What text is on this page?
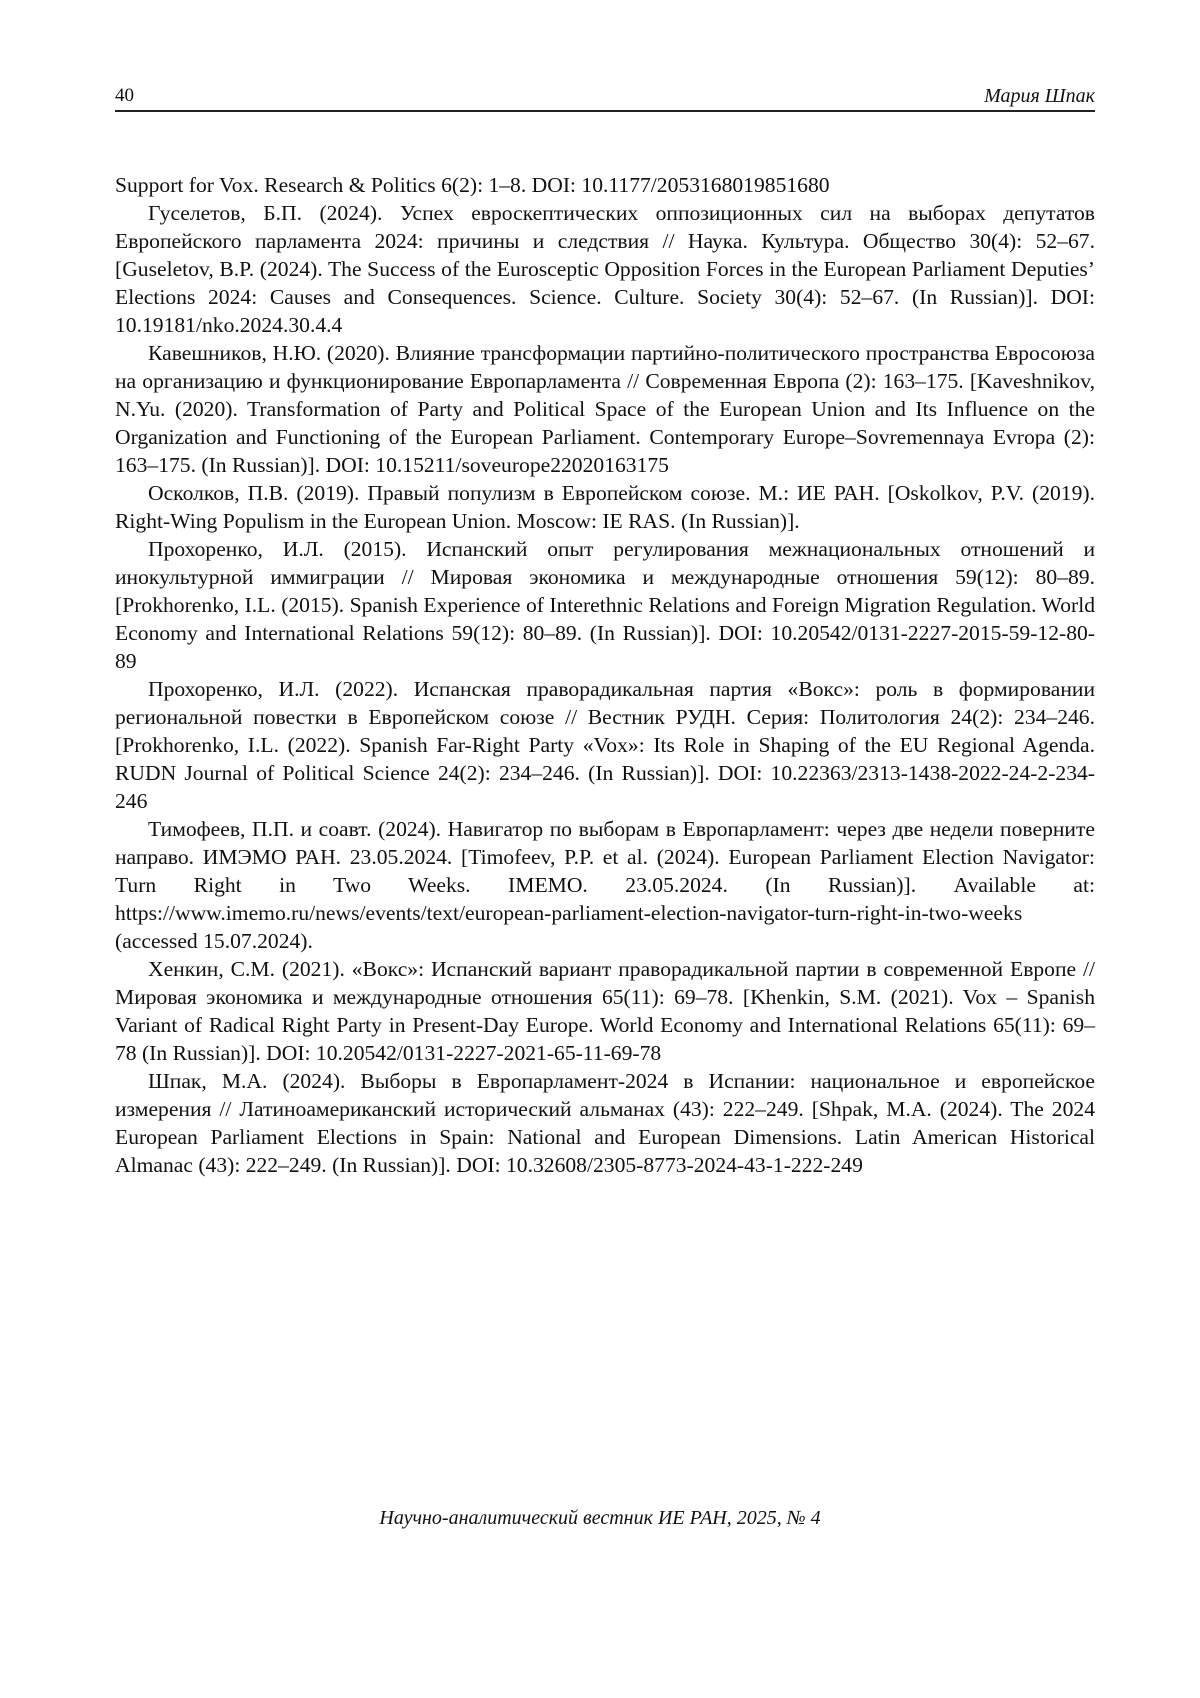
40	Мария Шпак
Support for Vox. Research & Politics 6(2): 1–8. DOI: 10.1177/2053168019851680
Гуселетов, Б.П. (2024). Успех евроскептических оппозиционных сил на выборах депутатов Европейского парламента 2024: причины и следствия // Наука. Культура. Общество 30(4): 52–67. [Guseletov, B.P. (2024). The Success of the Eurosceptic Opposition Forces in the European Parliament Deputies’ Elections 2024: Causes and Consequences. Science. Culture. Society 30(4): 52–67. (In Russian)]. DOI: 10.19181/nko.2024.30.4.4
Кавешников, Н.Ю. (2020). Влияние трансформации партийно-политического пространства Евросоюза на организацию и функционирование Европарламента // Современная Европа (2): 163–175. [Kaveshnikov, N.Yu. (2020). Transformation of Party and Political Space of the European Union and Its Influence on the Organization and Functioning of the European Parliament. Contemporary Europe–Sovremennaya Evropa (2): 163–175. (In Russian)]. DOI: 10.15211/soveurope22020163175
Осколков, П.В. (2019). Правый популизм в Европейском союзе. М.: ИЕ РАН. [Oskolkov, P.V. (2019). Right-Wing Populism in the European Union. Moscow: IE RAS. (In Russian)].
Прохоренко, И.Л. (2015). Испанский опыт регулирования межнациональных отношений и инокультурной иммиграции // Мировая экономика и международные отношения 59(12): 80–89. [Prokhorenko, I.L. (2015). Spanish Experience of Interethnic Relations and Foreign Migration Regulation. World Economy and International Relations 59(12): 80–89. (In Russian)]. DOI: 10.20542/0131-2227-2015-59-12-80-89
Прохоренко, И.Л. (2022). Испанская праворадикальная партия «Вокс»: роль в формировании региональной повестки в Европейском союзе // Вестник РУДН. Серия: Политология 24(2): 234–246. [Prokhorenko, I.L. (2022). Spanish Far-Right Party «Vox»: Its Role in Shaping of the EU Regional Agenda. RUDN Journal of Political Science 24(2): 234–246. (In Russian)]. DOI: 10.22363/2313-1438-2022-24-2-234-246
Тимофеев, П.П. и соавт. (2024). Навигатор по выборам в Европарламент: через две недели поверните направо. ИМЭМО РАН. 23.05.2024. [Timofeev, P.P. et al. (2024). European Parliament Election Navigator: Turn Right in Two Weeks. IMEMO. 23.05.2024. (In Russian)]. Available at: https://www.imemo.ru/news/events/text/european-parliament-election-navigator-turn-right-in-two-weeks (accessed 15.07.2024).
Хенкин, С.М. (2021). «Вокс»: Испанский вариант праворадикальной партии в современной Европе // Мировая экономика и международные отношения 65(11): 69–78. [Khenkin, S.M. (2021). Vox – Spanish Variant of Radical Right Party in Present-Day Europe. World Economy and International Relations 65(11): 69–78 (In Russian)]. DOI: 10.20542/0131-2227-2021-65-11-69-78
Шпак, М.А. (2024). Выборы в Европарламент-2024 в Испании: национальное и европейское измерения // Латиноамериканский исторический альманах (43): 222–249. [Shpak, M.A. (2024). The 2024 European Parliament Elections in Spain: National and European Dimensions. Latin American Historical Almanac (43): 222–249. (In Russian)]. DOI: 10.32608/2305-8773-2024-43-1-222-249
Научно-аналитический вестник ИЕ РАН, 2025, № 4
